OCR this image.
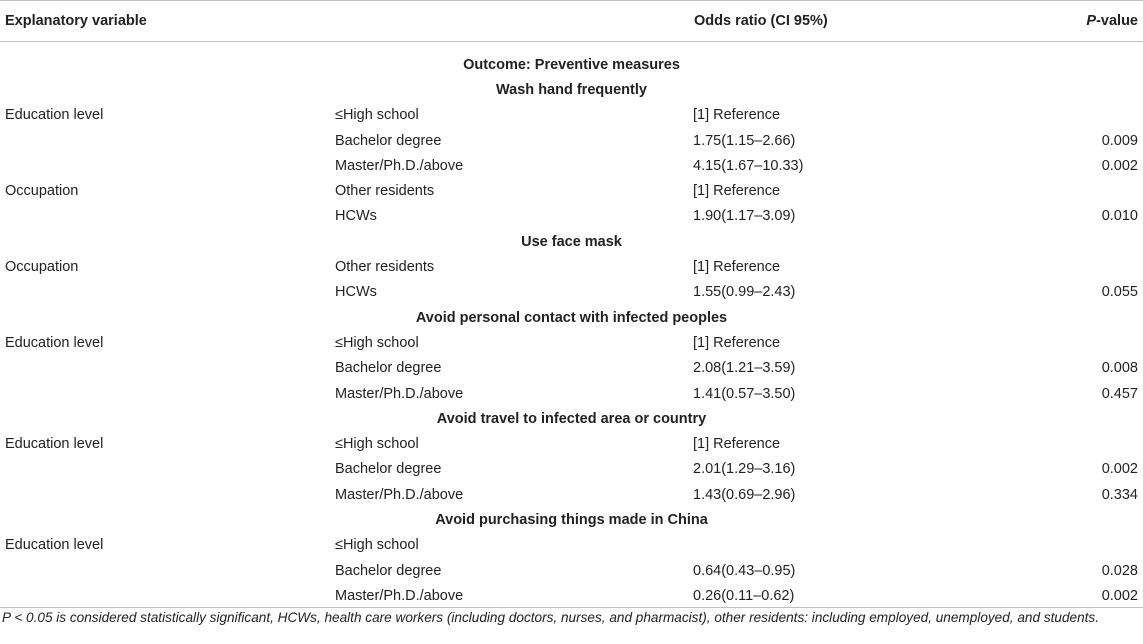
Explanatory variable		Odds ratio (CI 95%)	P-value
Outcome: Preventive measures			
Wash hand frequently			
Education level	≤High school	[1] Reference	
	Bachelor degree	1.75(1.15–2.66)	0.009
	Master/Ph.D./above	4.15(1.67–10.33)	0.002
Occupation	Other residents	[1] Reference	
	HCWs	1.90(1.17–3.09)	0.010
Use face mask			
Occupation	Other residents	[1] Reference	
	HCWs	1.55(0.99–2.43)	0.055
Avoid personal contact with infected peoples			
Education level	≤High school	[1] Reference	
	Bachelor degree	2.08(1.21–3.59)	0.008
	Master/Ph.D./above	1.41(0.57–3.50)	0.457
Avoid travel to infected area or country			
Education level	≤High school	[1] Reference	
	Bachelor degree	2.01(1.29–3.16)	0.002
	Master/Ph.D./above	1.43(0.69–2.96)	0.334
Avoid purchasing things made in China			
Education level	≤High school		
	Bachelor degree	0.64(0.43–0.95)	0.028
	Master/Ph.D./above	0.26(0.11–0.62)	0.002
P < 0.05 is considered statistically significant, HCWs, health care workers (including doctors, nurses, and pharmacist), other residents: including employed, unemployed, and students.
